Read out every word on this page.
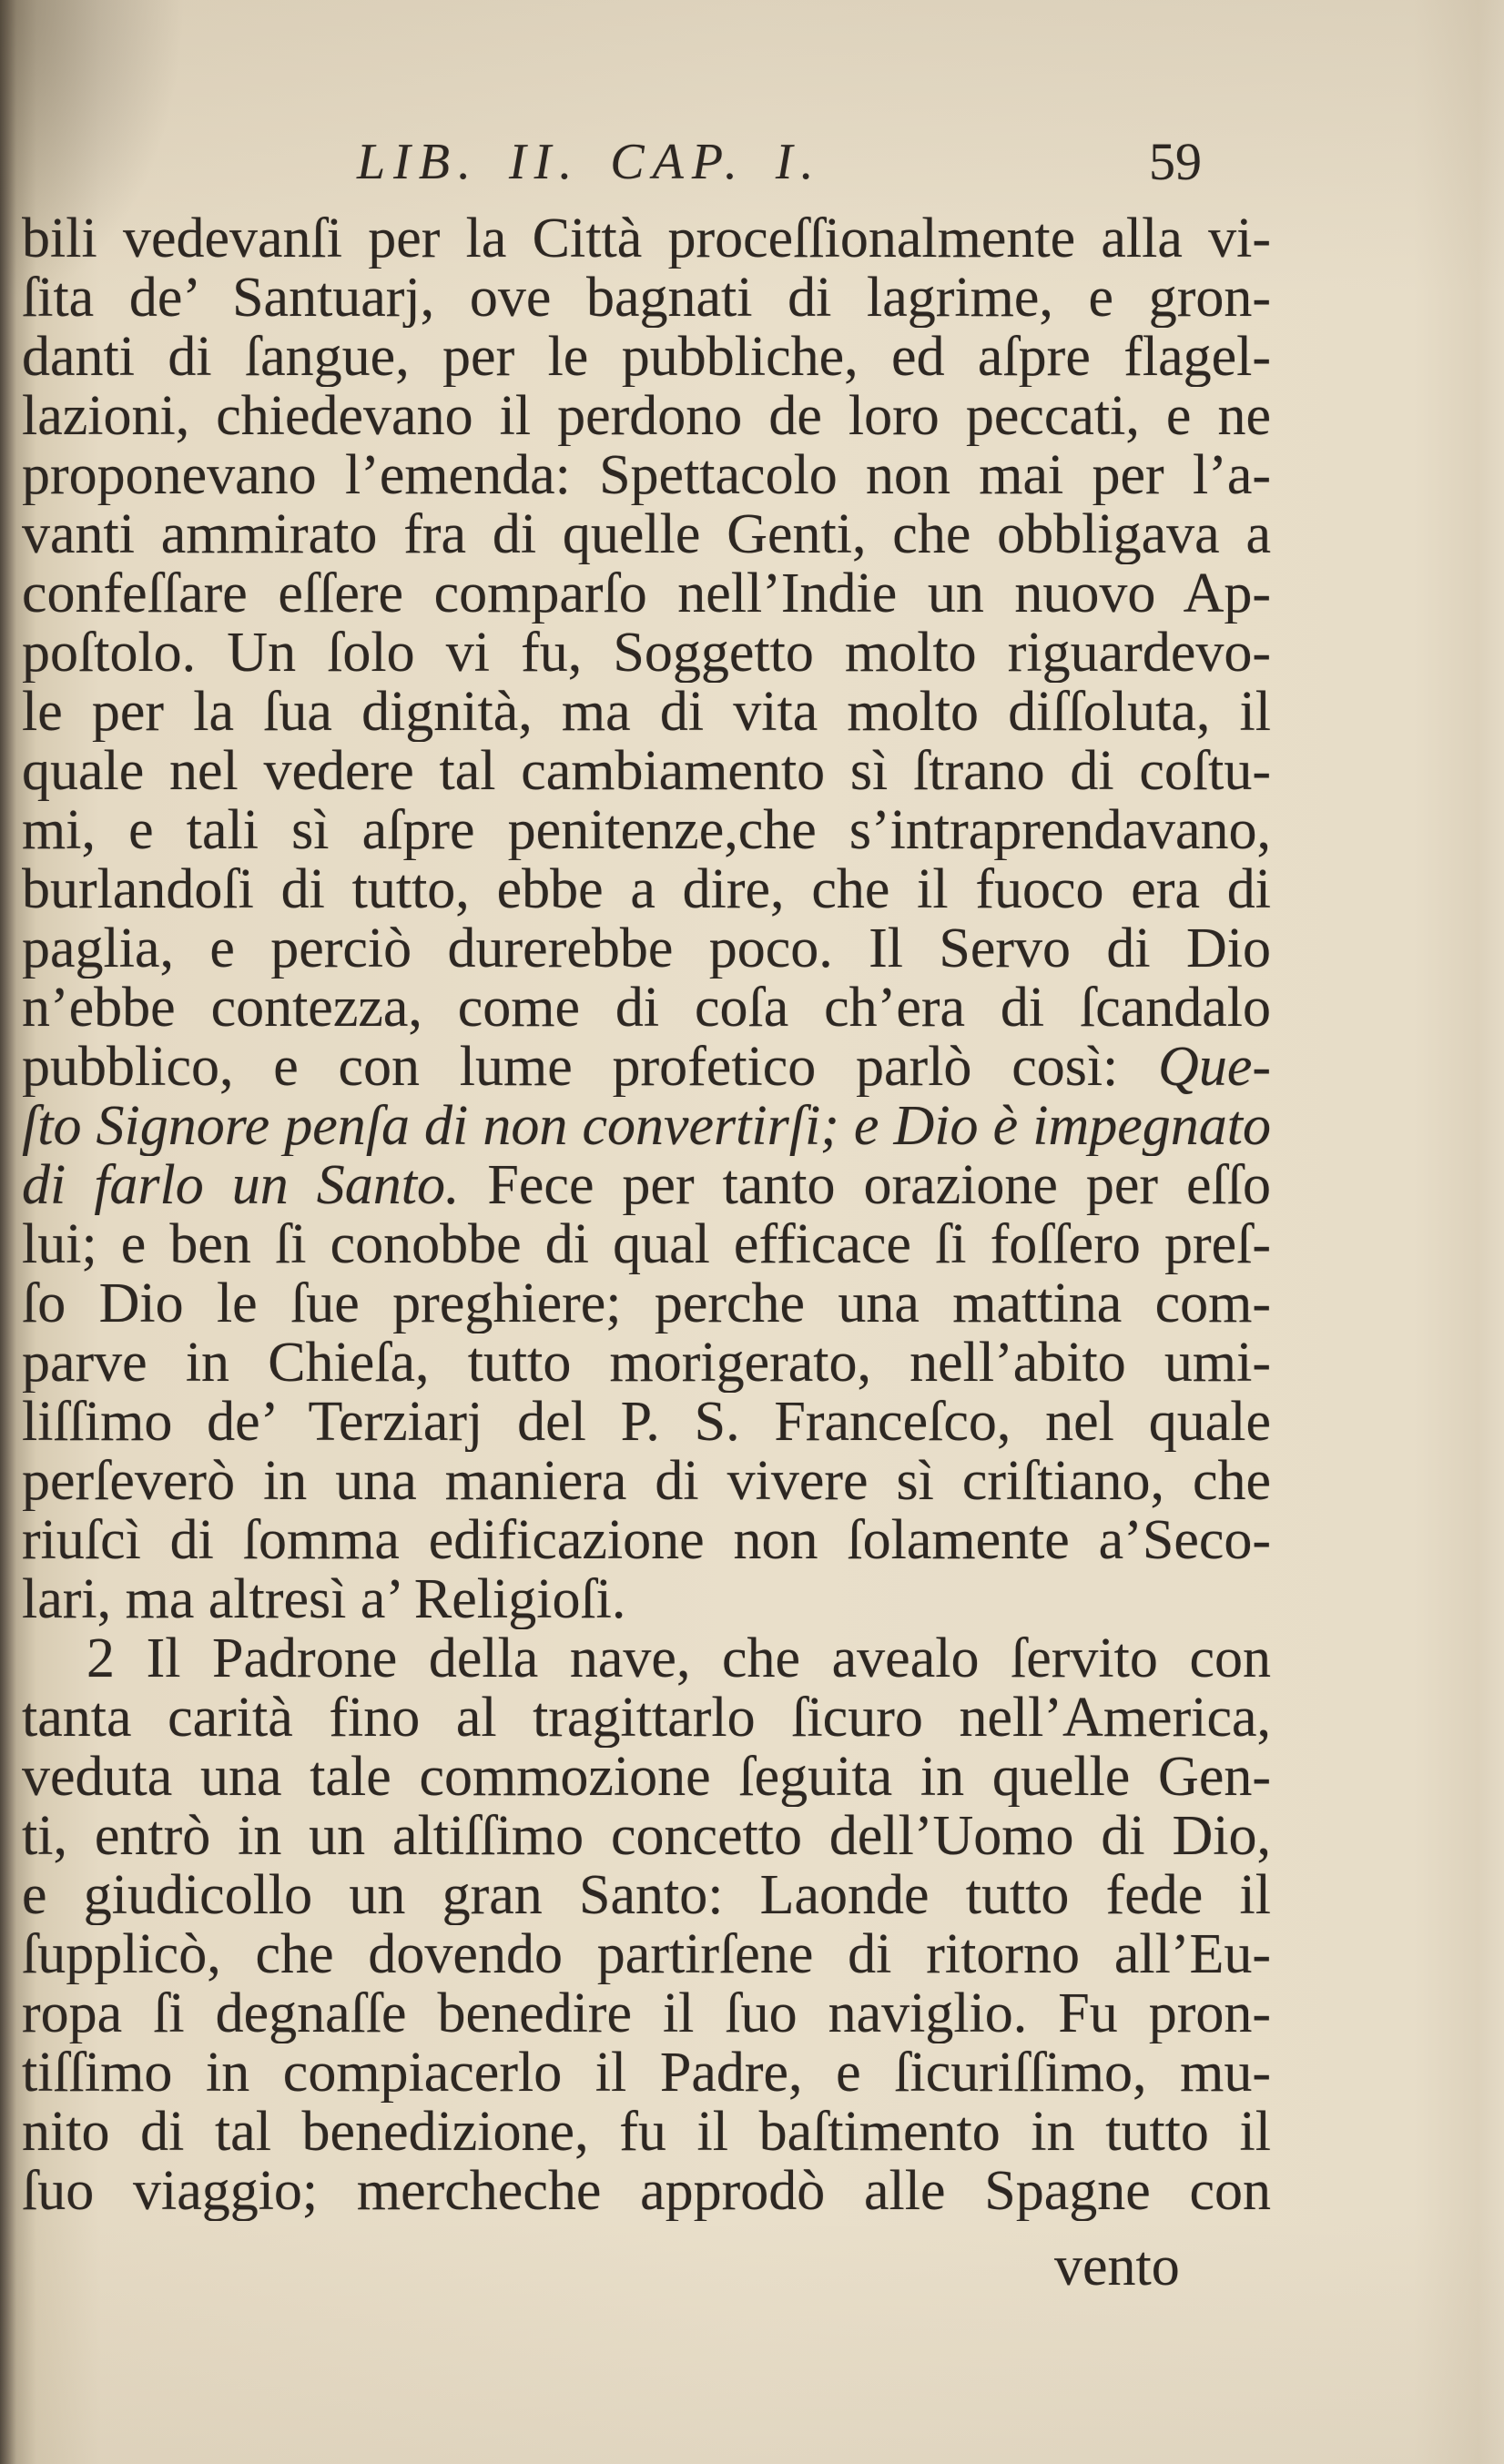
LIB. II. CAP. I.	59
bili vedevanſi per la Città proceſſionalmente alla vi-
ſita de’ Santuarj, ove bagnati di lagrime, e gron-
danti di ſangue, per le pubbliche, ed aſpre flagel-
lazioni, chiedevano il perdono de loro peccati, e ne
proponevano l’emenda: Spettacolo non mai per l’a-
vanti ammirato fra di quelle Genti, che obbligava a
confeſſare eſſere comparſo nell’Indie un nuovo Ap-
poſtolo. Un ſolo vi fu, Soggetto molto riguardevo-
le per la ſua dignità, ma di vita molto diſſoluta, il
quale nel vedere tal cambiamento sì ſtrano di coſtu-
mi, e tali sì aſpre penitenze,che s’intraprendavano,
burlandoſi di tutto, ebbe a dire, che il fuoco era di
paglia, e perciò durerebbe poco. Il Servo di Dio
n’ebbe contezza, come di coſa ch’era di ſcandalo
pubblico, e con lume profetico parlò così: Que-
ſto Signore penſa di non convertirſi; e Dio è impegnato
di farlo un Santo. Fece per tanto orazione per eſſo
lui; e ben ſi conobbe di qual efficace ſi foſſero preſ-
ſo Dio le ſue preghiere; perche una mattina com-
parve in Chieſa, tutto morigerato, nell’abito umi-
liſſimo de’ Terziarj del P. S. Franceſco, nel quale
perſeverò in una maniera di vivere sì criſtiano, che
riuſcì di ſomma edificazione non ſolamente a’Seco-
lari, ma altresì a’ Religioſi.
2 Il Padrone della nave, che avealo ſervito con
tanta carità fino al tragittarlo ſicuro nell’America,
veduta una tale commozione ſeguita in quelle Gen-
ti, entrò in un altiſſimo concetto dell’Uomo di Dio,
e giudicollo un gran Santo: Laonde tutto fede il
ſupplicò, che dovendo partirſene di ritorno all’Eu-
ropa ſi degnaſſe benedire il ſuo naviglio. Fu pron-
tiſſimo in compiacerlo il Padre, e ſicuriſſimo, mu-
nito di tal benedizione, fu il baſtimento in tutto il
ſuo viaggio; mercheche approdò alle Spagne con
vento
